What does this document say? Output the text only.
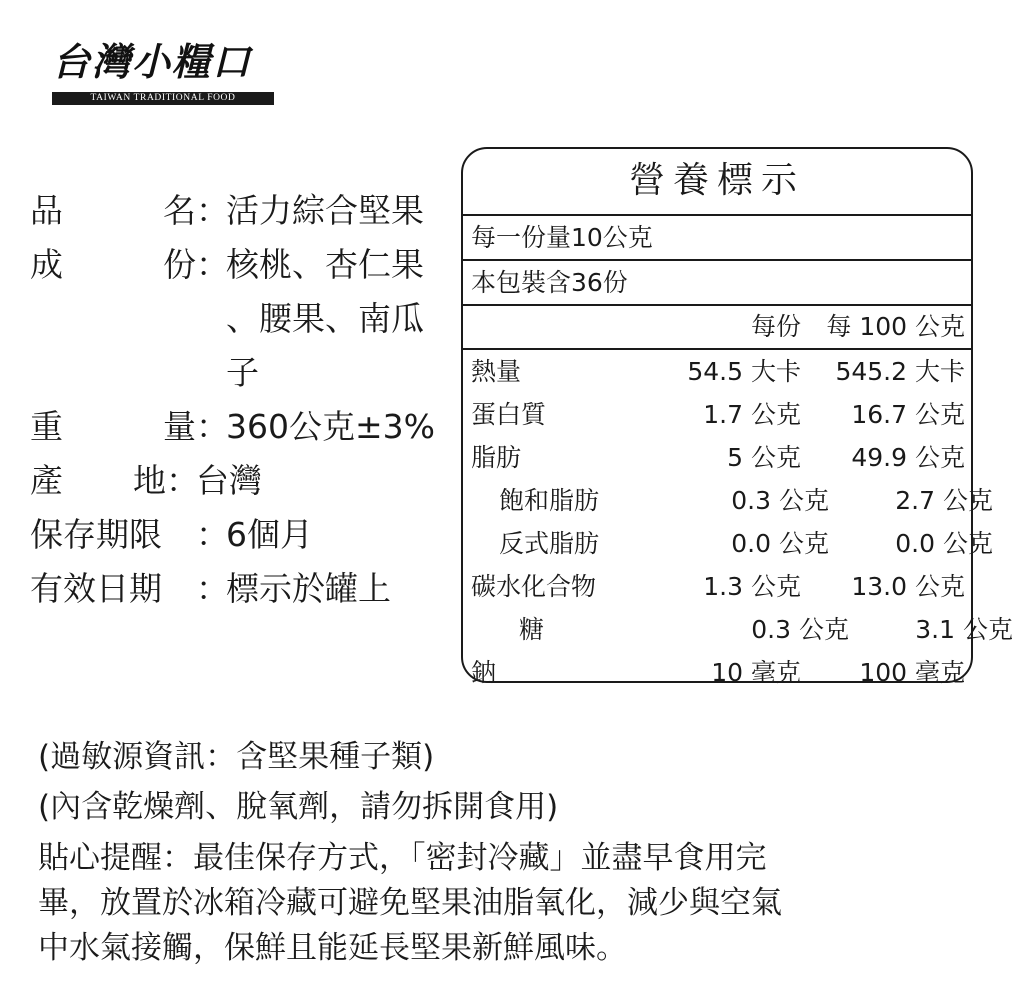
台灣小糧口
TAIWAN TRADITIONAL FOOD
品	名 ：
活力綜合堅果
成	份 ：
核桃、杏仁果
、腰果、南瓜
子
重	量 ：
360公克±3%
產 地 ：
台灣
保存期限	：
6個月
有效日期	：
標示於罐上
營養標示
每一份量10公克
本包裝含36份
每份	每 100 公克
熱量	54.5 大卡	545.2 大卡
蛋白質	1.7 公克	16.7 公克
脂肪	5 公克	49.9 公克
飽和脂肪	0.3 公克	2.7 公克
反式脂肪	0.0 公克	0.0 公克
碳水化合物	1.3 公克	13.0 公克
糖	0.3 公克	3.1 公克
鈉	10 毫克	100 毫克
(過敏源資訊：含堅果種子類)
(內含乾燥劑、脫氧劑，請勿拆開食用)
貼心提醒：最佳保存方式，「密封冷藏」並盡早食用完
畢，放置於冰箱冷藏可避免堅果油脂氧化，減少與空氣
中水氣接觸，保鮮且能延長堅果新鮮風味。
